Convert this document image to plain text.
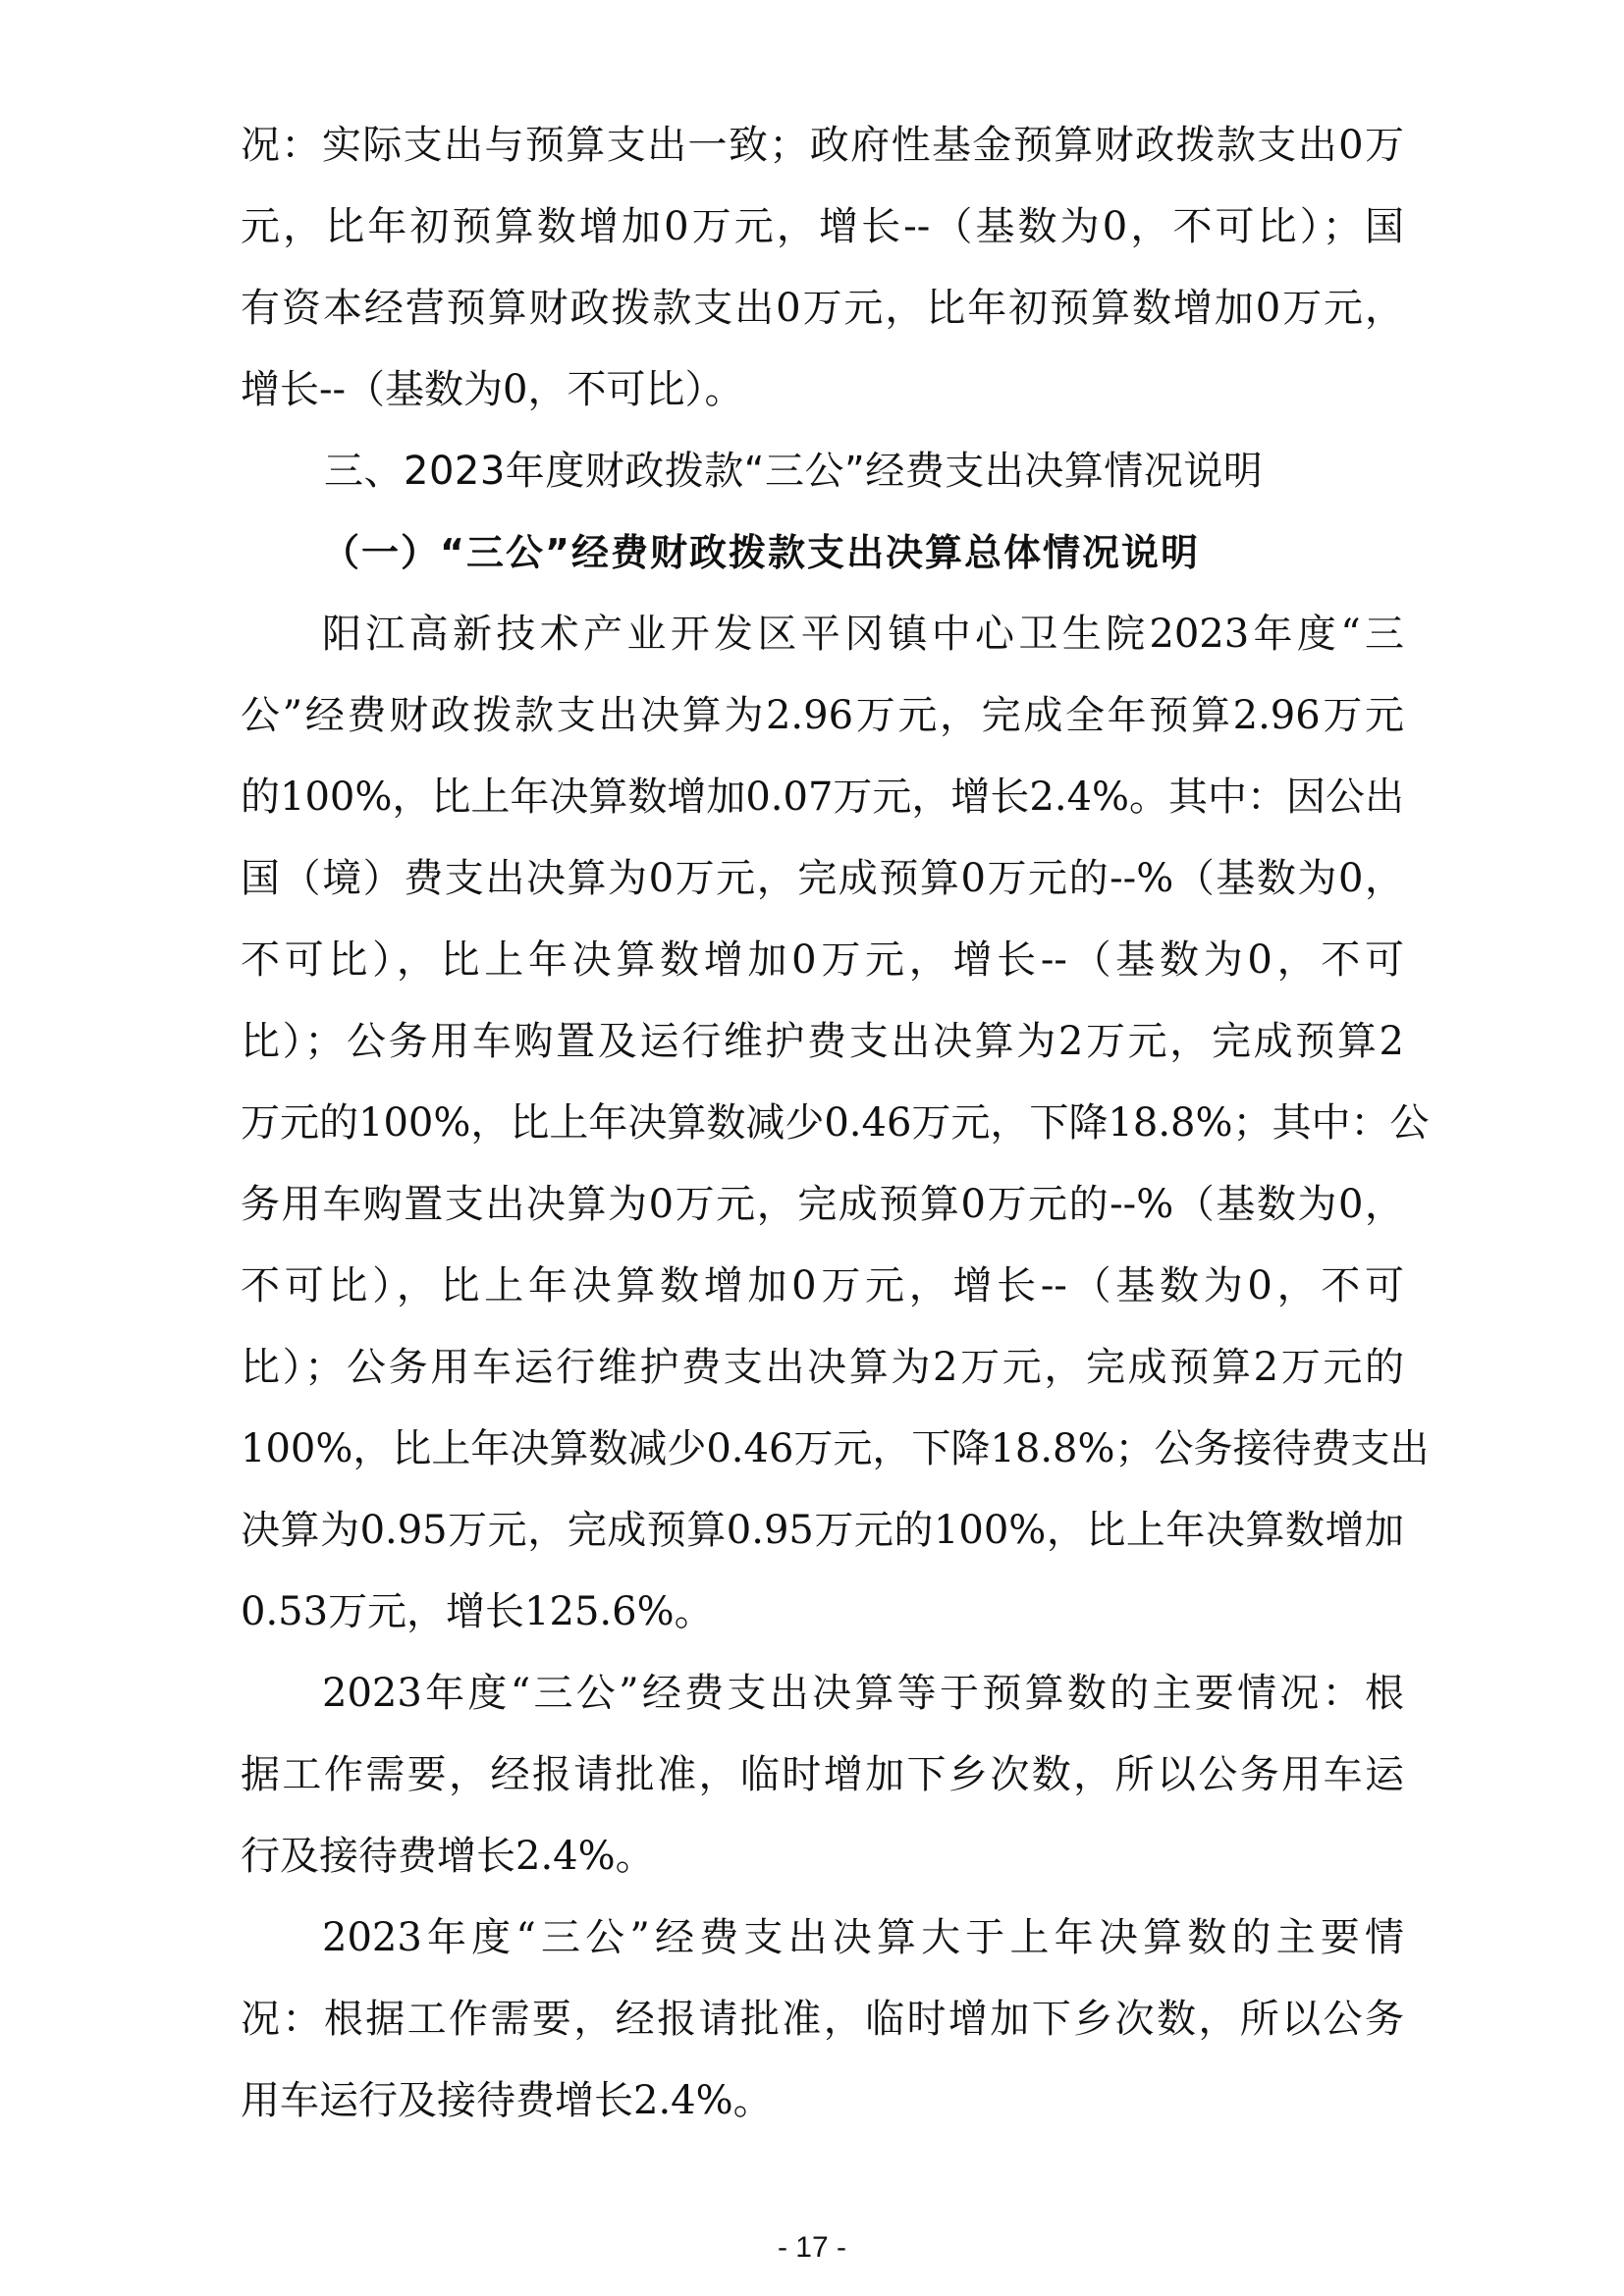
况：实际支出与预算支出一致；政府性基金预算财政拨款支出0万
元，比年初预算数增加0万元，增长--（基数为0，不可比）；国
有资本经营预算财政拨款支出0万元，比年初预算数增加0万元，
增长--（基数为0，不可比）。
三、2023年度财政拨款“三公”经费支出决算情况说明
（一）“三公”经费财政拨款支出决算总体情况说明
阳江高新技术产业开发区平冈镇中心卫生院2023年度“三
公”经费财政拨款支出决算为2.96万元，完成全年预算2.96万元
的100%，比上年决算数增加0.07万元，增长2.4%。其中：因公出
国（境）费支出决算为0万元，完成预算0万元的--%（基数为0，
不可比），比上年决算数增加0万元，增长--（基数为0，不可
比）；公务用车购置及运行维护费支出决算为2万元，完成预算2
万元的100%，比上年决算数减少0.46万元，下降18.8%；其中：公
务用车购置支出决算为0万元，完成预算0万元的--%（基数为0，
不可比），比上年决算数增加0万元，增长--（基数为0，不可
比）；公务用车运行维护费支出决算为2万元，完成预算2万元的
100%，比上年决算数减少0.46万元，下降18.8%；公务接待费支出
决算为0.95万元，完成预算0.95万元的100%，比上年决算数增加
0.53万元，增长125.6%。
2023年度“三公”经费支出决算等于预算数的主要情况：根
据工作需要，经报请批准，临时增加下乡次数，所以公务用车运
行及接待费增长2.4%。
2023年度“三公”经费支出决算大于上年决算数的主要情
况：根据工作需要，经报请批准，临时增加下乡次数，所以公务
用车运行及接待费增长2.4%。
- 17 -
